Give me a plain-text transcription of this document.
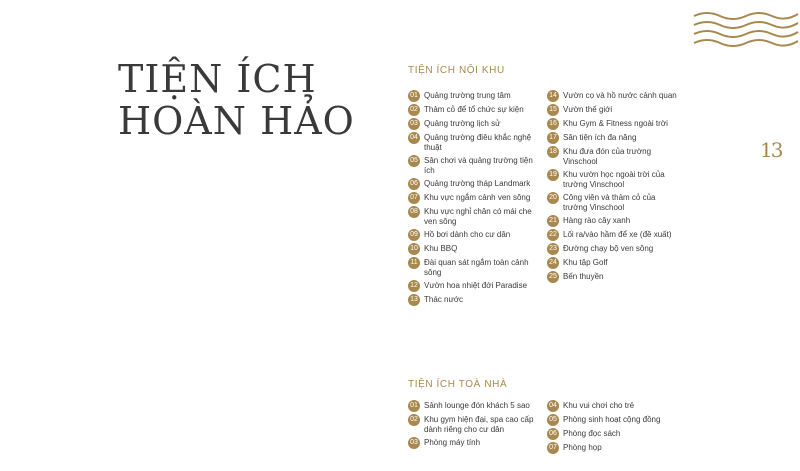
TIỆN ÍCH
HOÀN HẢO
13
TIỆN ÍCH NỘI KHU
01 Quảng trường trung tâm
02 Thảm cỏ để tổ chức sự kiện
03 Quảng trường lịch sử
04 Quảng trường điêu khắc nghệ thuật
05 Sân chơi và quảng trường tiện ích
06 Quảng trường tháp Landmark
07 Khu vực ngắm cảnh ven sông
08 Khu vực nghỉ chân có mái che ven sông
09 Hồ bơi dành cho cư dân
10 Khu BBQ
11 Đài quan sát ngắm toàn cảnh sông
12 Vườn hoa nhiệt đới Paradise
13 Thác nước
14 Vườn cọ và hồ nước cảnh quan
15 Vườn thế giới
16 Khu Gym & Fitness ngoài trời
17 Sân tiện ích đa năng
18 Khu đưa đón của trường Vinschool
19 Khu vườn học ngoài trời của trường Vinschool
20 Công viên và thảm cỏ của trường Vinschool
21 Hàng rào cây xanh
22 Lối ra/vào hầm để xe (đề xuất)
23 Đường chạy bộ ven sông
24 Khu tập Golf
25 Bến thuyền
TIỆN ÍCH TOÀ NHÀ
01 Sảnh lounge đón khách 5 sao
02 Khu gym hiện đại, spa cao cấp dành riêng cho cư dân
03 Phòng máy tính
04 Khu vui chơi cho trẻ
05 Phòng sinh hoạt cộng đồng
06 Phòng đọc sách
07 Phòng họp
